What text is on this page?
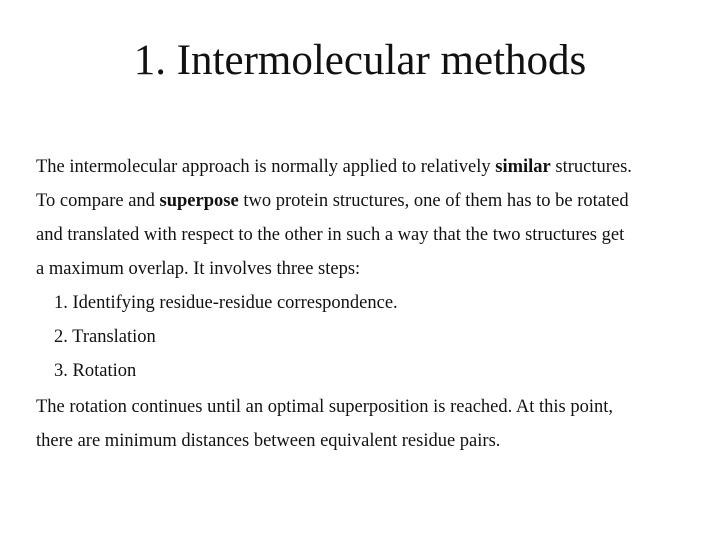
1. Intermolecular methods
The intermolecular approach is normally applied to relatively similar structures.
To compare and superpose two protein structures, one of them has to be rotated
and translated with respect to the other in such a way that the two structures get
a maximum overlap. It involves three steps:
1. Identifying residue-residue correspondence.
2. Translation
3. Rotation
The rotation continues until an optimal superposition is reached. At this point,
there are minimum distances between equivalent residue pairs.
